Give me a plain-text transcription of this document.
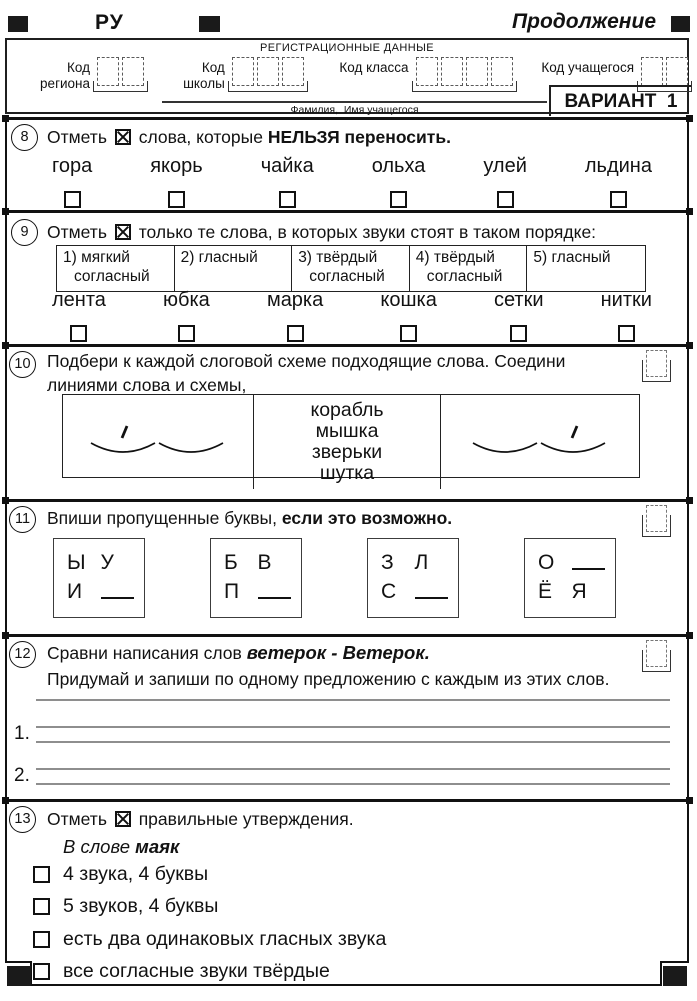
РУ	Продолжение
РЕГИСТРАЦИОННЫЕ ДАННЫЕ
Код региона
Код школы
Код класса	Код учащегося
Фамилия,  Имя учащегося	ВАРИАНТ  1
8	Отметь слова, которые НЕЛЬЗЯ переносить.
гора	якорь	чайка	ольха	улей	льдина
9	Отметь только те слова, в которых звуки стоят в таком порядке:
1) мягкий
согласный
2) гласный	3) твёрдый
согласный
4) твёрдый
согласный
5) гласный
лента	юбка	марка	кошка	сетки	нитки
10 Подбери к каждой слоговой схеме подходящие слова. Соедини
линиями слова и схемы,
корабль
мышка
зверьки
шутка
11 Впиши пропущенные буквы, если это возможно.
Ы У
И
Б В
П
З Л
С
О
Ё Я
12 Сравни написания слов ветерок - Ветерок.
Придумай и запиши по одному предложению с каждым из этих слов.
1.
2.
13 Отметь правильные утверждения.
В слове маяк
4 звука, 4 буквы
5 звуков, 4 буквы
есть два одинаковых гласных звука
все согласные звуки твёрдые
